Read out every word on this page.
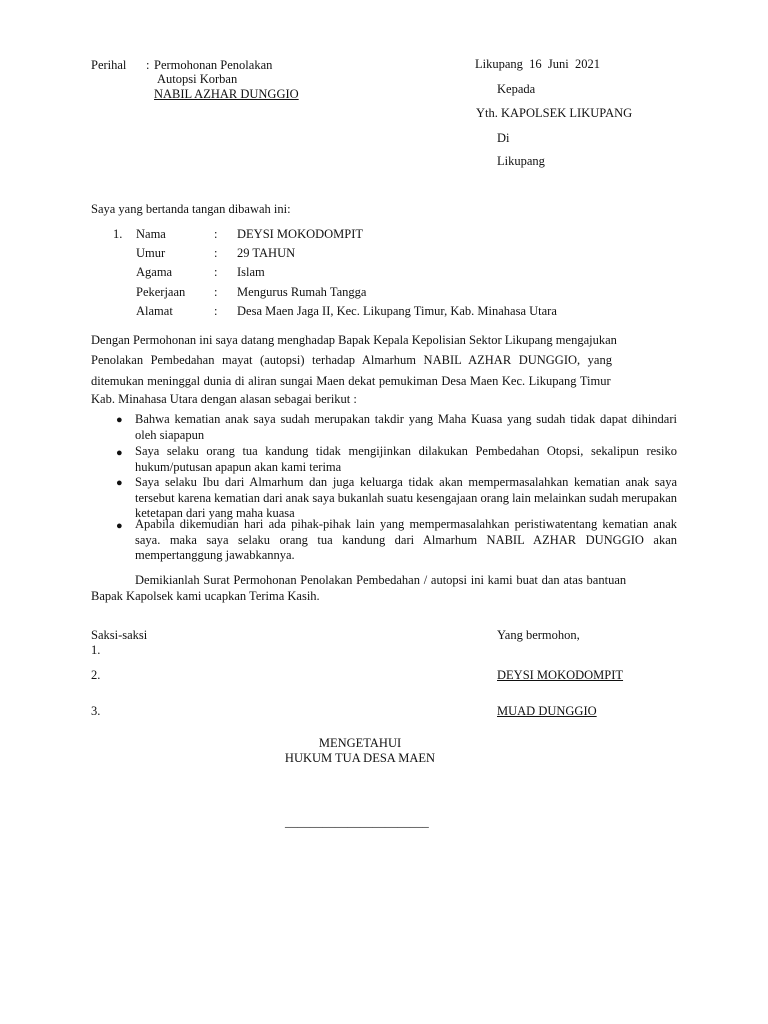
Perihal : Permohonan Penolakan
Autopsi Korban
NABIL AZHAR DUNGGIO
Likupang  16  Juni  2021
Kepada
Yth. KAPOLSEK LIKUPANG
Di
Likupang
Saya yang bertanda tangan dibawah ini:
1. Nama	: DEYSI MOKODOMPIT
Umur	: 29 TAHUN
Agama	: Islam
Pekerjaan : Mengurus Rumah Tangga
Alamat	: Desa Maen Jaga II, Kec. Likupang Timur, Kab. Minahasa Utara
Dengan Permohonan ini saya datang menghadap Bapak Kepala Kepolisian Sektor Likupang mengajukan
Penolakan Pembedahan mayat (autopsi) terhadap Almarhum NABIL AZHAR DUNGGIO, yang
ditemukan meninggal dunia di aliran sungai Maen dekat pemukiman Desa Maen Kec. Likupang Timur
Kab. Minahasa Utara dengan alasan sebagai berikut :
● Bahwa kematian anak saya sudah merupakan takdir yang Maha Kuasa yang sudah tidak dapat dihindari oleh siapapun
● Saya selaku orang tua kandung tidak mengijinkan dilakukan Pembedahan Otopsi, sekalipun resiko hukum/putusan apapun akan kami terima
● Saya selaku Ibu dari Almarhum dan juga keluarga tidak akan mempermasalahkan kematian anak saya tersebut karena kematian dari anak saya bukanlah suatu kesengajaan orang lain melainkan sudah merupakan ketetapan dari yang maha kuasa
● Apabila dikemudian hari ada pihak-pihak lain yang mempermasalahkan peristiwatentang kematian anak saya. maka saya selaku orang tua kandung dari Almarhum NABIL AZHAR DUNGGIO akan mempertanggung jawabkannya.
Demikianlah Surat Permohonan Penolakan Pembedahan / autopsi ini kami buat dan atas bantuan
Bapak Kapolsek kami ucapkan Terima Kasih.
Saksi-saksi
1.
2.
3.
Yang bermohon,
DEYSI MOKODOMPIT
MUAD DUNGGIO
MENGETAHUI
HUKUM TUA DESA MAEN
_______________________
